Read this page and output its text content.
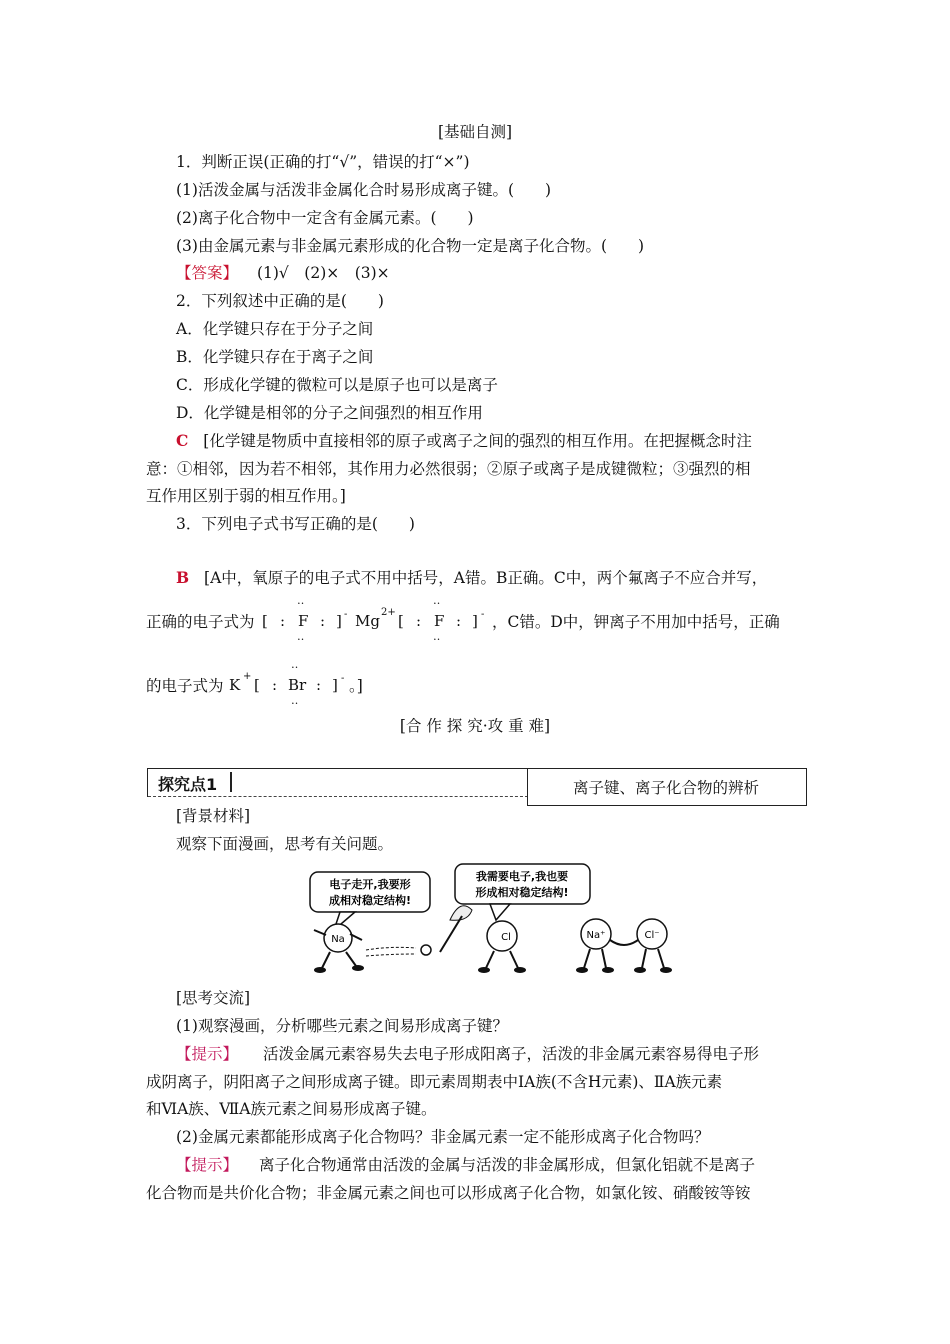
[基础自测]
1．判断正误(正确的打“√”，错误的打“×”)
(1)活泼金属与活泼非金属化合时易形成离子键。(　　)
(2)离子化合物中一定含有金属元素。(　　)
(3)由金属元素与非金属元素形成的化合物一定是离子化合物。(　　)
【答案】 (1)√　(2)×　(3)×
2．下列叙述中正确的是(　　)
A．化学键只存在于分子之间
B．化学键只存在于离子之间
C．形成化学键的微粒可以是原子也可以是离子
D．化学键是相邻的分子之间强烈的相互作用
C [化学键是物质中直接相邻的原子或离子之间的强烈的相互作用。在把握概念时注
意：①相邻，因为若不相邻，其作用力必然很弱；②原子或离子是成键微粒；③强烈的相
互作用区别于弱的相互作用。]
3．下列电子式书写正确的是(　　)
B [A中，氧原子的电子式不用中括号，A错。B正确。C中，两个氟离子不应合并写，
正确的电子式为 [ : F
‥
‥
: ] - Mg 2+ [ : F
‥
‥
: ] - ，C错。D中，钾离子不用加中括号，正确
的电子式为 K + [ : Br
‥
‥
: ] - 。]
[合 作 探 究·攻 重 难]
探究点1	离子键、离子化合物的辨析
[背景材料]
观察下面漫画，思考有关问题。
电子走开,我要形
成相对稳定结构!
我需要电子,我也要
形成相对稳定结构!
Na	Cl	Na⁺	Cl⁻
[思考交流]
(1)观察漫画，分析哪些元素之间易形成离子键？
【提示】 活泼金属元素容易失去电子形成阳离子，活泼的非金属元素容易得电子形
成阴离子，阴阳离子之间形成离子键。即元素周期表中ⅠA族(不含H元素)、ⅡA族元素
和ⅥA族、ⅦA族元素之间易形成离子键。
(2)金属元素都能形成离子化合物吗？非金属元素一定不能形成离子化合物吗？
【提示】 离子化合物通常由活泼的金属与活泼的非金属形成，但氯化铝就不是离子
化合物而是共价化合物；非金属元素之间也可以形成离子化合物，如氯化铵、硝酸铵等铵
